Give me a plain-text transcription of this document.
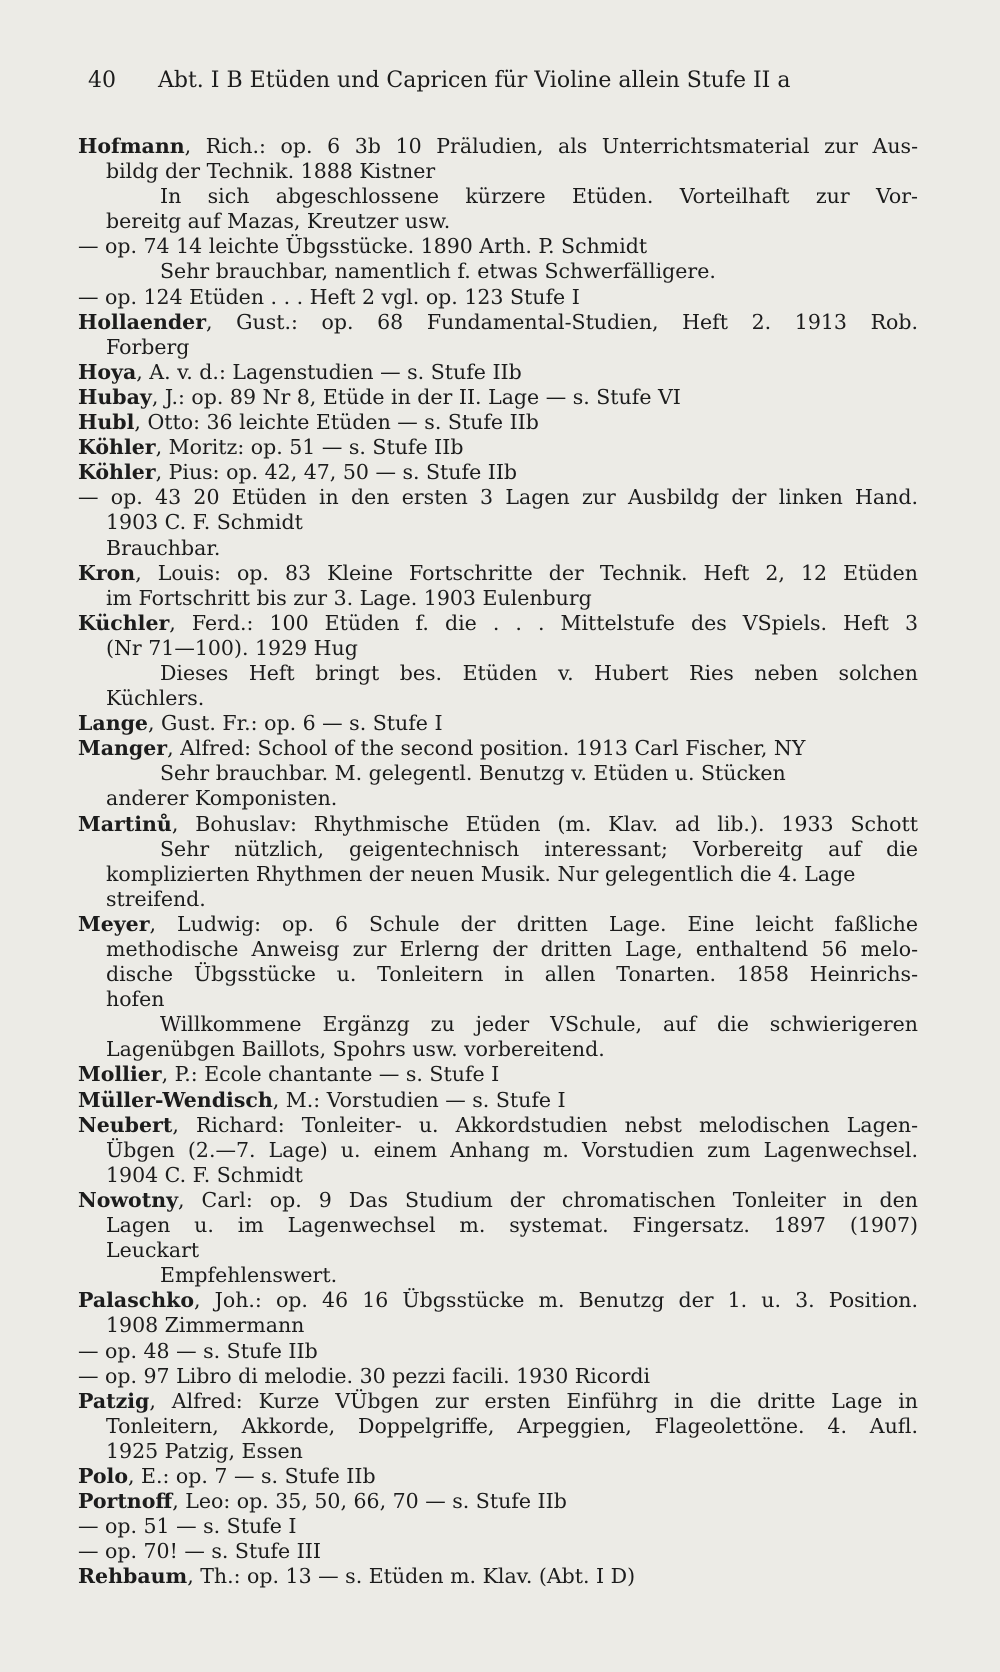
40 Abt. I B Etüden und Capricen für Violine allein Stufe II a
Hofmann, Rich.: op. 6 3b 10 Präludien, als Unterrichtsmaterial zur Aus-
bildg der Technik. 1888 Kistner
In sich abgeschlossene kürzere Etüden. Vorteilhaft zur Vor-
bereitg auf Mazas, Kreutzer usw.
— op. 74 14 leichte Übgsstücke. 1890 Arth. P. Schmidt
Sehr brauchbar, namentlich f. etwas Schwerfälligere.
— op. 124 Etüden . . . Heft 2 vgl. op. 123 Stufe I
Hollaender, Gust.: op. 68 Fundamental-Studien, Heft 2. 1913 Rob.
Forberg
Hoya, A. v. d.: Lagenstudien — s. Stufe IIb
Hubay, J.: op. 89 Nr 8, Etüde in der II. Lage — s. Stufe VI
Hubl, Otto: 36 leichte Etüden — s. Stufe IIb
Köhler, Moritz: op. 51 — s. Stufe IIb
Köhler, Pius: op. 42, 47, 50 — s. Stufe IIb
— op. 43 20 Etüden in den ersten 3 Lagen zur Ausbildg der linken Hand.
1903 C. F. Schmidt
Brauchbar.
Kron, Louis: op. 83 Kleine Fortschritte der Technik. Heft 2, 12 Etüden
im Fortschritt bis zur 3. Lage. 1903 Eulenburg
Küchler, Ferd.: 100 Etüden f. die . . . Mittelstufe des VSpiels. Heft 3
(Nr 71—100). 1929 Hug
Dieses Heft bringt bes. Etüden v. Hubert Ries neben solchen
Küchlers.
Lange, Gust. Fr.: op. 6 — s. Stufe I
Manger, Alfred: School of the second position. 1913 Carl Fischer, NY
Sehr brauchbar. M. gelegentl. Benutzg v. Etüden u. Stücken
anderer Komponisten.
Martinů, Bohuslav: Rhythmische Etüden (m. Klav. ad lib.). 1933 Schott
Sehr nützlich, geigentechnisch interessant; Vorbereitg auf die
komplizierten Rhythmen der neuen Musik. Nur gelegentlich die 4. Lage
streifend.
Meyer, Ludwig: op. 6 Schule der dritten Lage. Eine leicht faßliche
methodische Anweisg zur Erlerng der dritten Lage, enthaltend 56 melo-
dische Übgsstücke u. Tonleitern in allen Tonarten. 1858 Heinrichs-
hofen
Willkommene Ergänzg zu jeder VSchule, auf die schwierigeren
Lagenübgen Baillots, Spohrs usw. vorbereitend.
Mollier, P.: Ecole chantante — s. Stufe I
Müller-Wendisch, M.: Vorstudien — s. Stufe I
Neubert, Richard: Tonleiter- u. Akkordstudien nebst melodischen Lagen-
Übgen (2.—7. Lage) u. einem Anhang m. Vorstudien zum Lagenwechsel.
1904 C. F. Schmidt
Nowotny, Carl: op. 9 Das Studium der chromatischen Tonleiter in den
Lagen u. im Lagenwechsel m. systemat. Fingersatz. 1897 (1907)
Leuckart
Empfehlenswert.
Palaschko, Joh.: op. 46 16 Übgsstücke m. Benutzg der 1. u. 3. Position.
1908 Zimmermann
— op. 48 — s. Stufe IIb
— op. 97 Libro di melodie. 30 pezzi facili. 1930 Ricordi
Patzig, Alfred: Kurze VÜbgen zur ersten Einführg in die dritte Lage in
Tonleitern, Akkorde, Doppelgriffe, Arpeggien, Flageolettöne. 4. Aufl.
1925 Patzig, Essen
Polo, E.: op. 7 — s. Stufe IIb
Portnoff, Leo: op. 35, 50, 66, 70 — s. Stufe IIb
— op. 51 — s. Stufe I
— op. 70! — s. Stufe III
Rehbaum, Th.: op. 13 — s. Etüden m. Klav. (Abt. I D)
